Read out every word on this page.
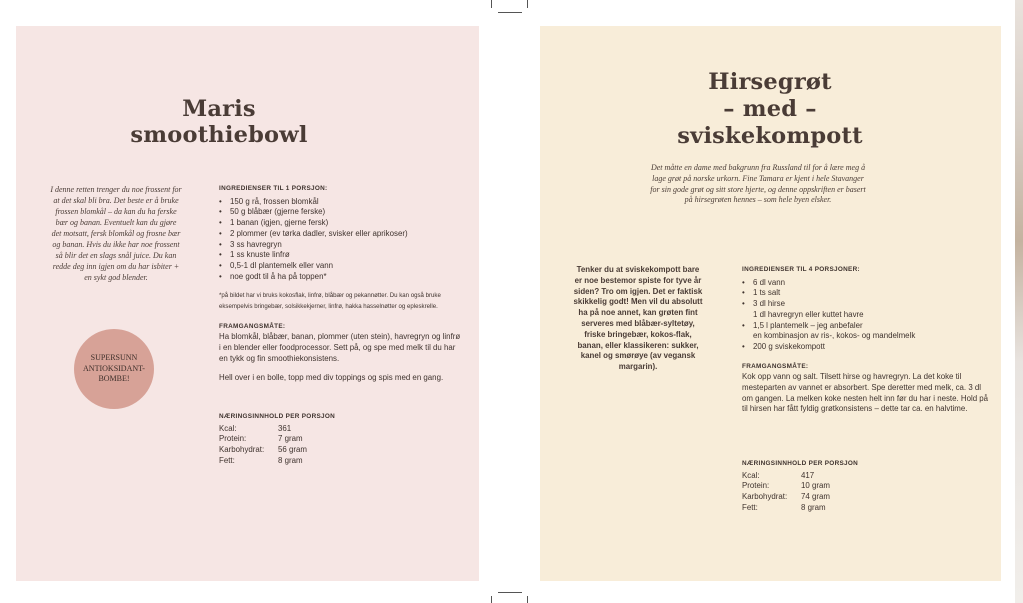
Maris
smoothiebowl
I denne retten trenger du noe frossent for at det skal bli bra. Det beste er å bruke frossen blomkål – da kan du ha ferske bær og banan. Eventuelt kan du gjøre det motsatt, fersk blomkål og frosne bær og banan. Hvis du ikke har noe frossent så blir det en slags snål juice. Du kan redde deg inn igjen om du har isbiter + en sykt god blender.
SUPERSUNN ANTIOKSIDANT-BOMBE!

INGREDIENSER TIL 1 PORSJON:

• 150 g rå, frossen blomkål
• 50 g blåbær (gjerne ferske)
• 1 banan (igjen, gjerne fersk)
• 2 plommer (ev tørka dadler, svisker eller aprikoser)
• 3 ss havregryn
• 1 ss knuste linfrø
• 0,5-1 dl plantemelk eller vann
• noe godt til å ha på toppen*

*på bildet har vi bruks kokosflak, linfrø, blåbær og pekannøtter. Du kan også bruke eksempelvis bringebær, solsikkekjerner, linfrø, hakka hasselnøtter og epleskrelle.

FRAMGANGSMÅTE:

Ha blomkål, blåbær, banan, plommer (uten stein), havregryn og linfrø i en blender eller foodprocessor. Sett på, og spe med melk til du har en tykk og fin smoothiekonsistens.

Hell over i en bolle, topp med div toppings og spis med en gang.

NÆRINGSINNHOLD PER PORSJON

Kcal:	361
Protein:	7 gram
Karbohydrat:	56 gram
Fett:	8 gram
Hirsegrøt
– med –
sviskekompott
Det måtte en dame med bakgrunn fra Russland til for å lære meg å lage grøt på norske urkorn. Fine Tamara er kjent i hele Stavanger for sin gode grøt og sitt store hjerte, og denne oppskriften er basert på hirsegrøten hennes – som hele byen elsker.
Tenker du at sviskekompott bare er noe bestemor spiste for tyve år siden? Tro om igjen. Det er faktisk skikkelig godt! Men vil du absolutt ha på noe annet, kan grøten fint serveres med blåbær-syltetøy, friske bringebær, kokos-flak, banan, eller klassikeren: sukker, kanel og smørøye (av vegansk margarin).

INGREDIENSER TIL 4 PORSJONER:

• 6 dl vann
• 1 ts salt
• 3 dl hirse
1 dl havregryn eller kuttet havre
• 1,5 l plantemelk – jeg anbefaler
en kombinasjon av ris-, kokos- og mandelmelk
• 200 g sviskekompott

FRAMGANGSMÅTE:

Kok opp vann og salt. Tilsett hirse og havregryn. La det koke til mesteparten av vannet er absorbert. Spe deretter med melk, ca. 3 dl om gangen. La melken koke nesten helt inn før du har i neste. Hold på til hirsen har fått fyldig grøtkonsistens – dette tar ca. en halvtime.

NÆRINGSINNHOLD PER PORSJON

Kcal:	417
Protein:	10 gram
Karbohydrat:	74 gram
Fett:	8 gram
